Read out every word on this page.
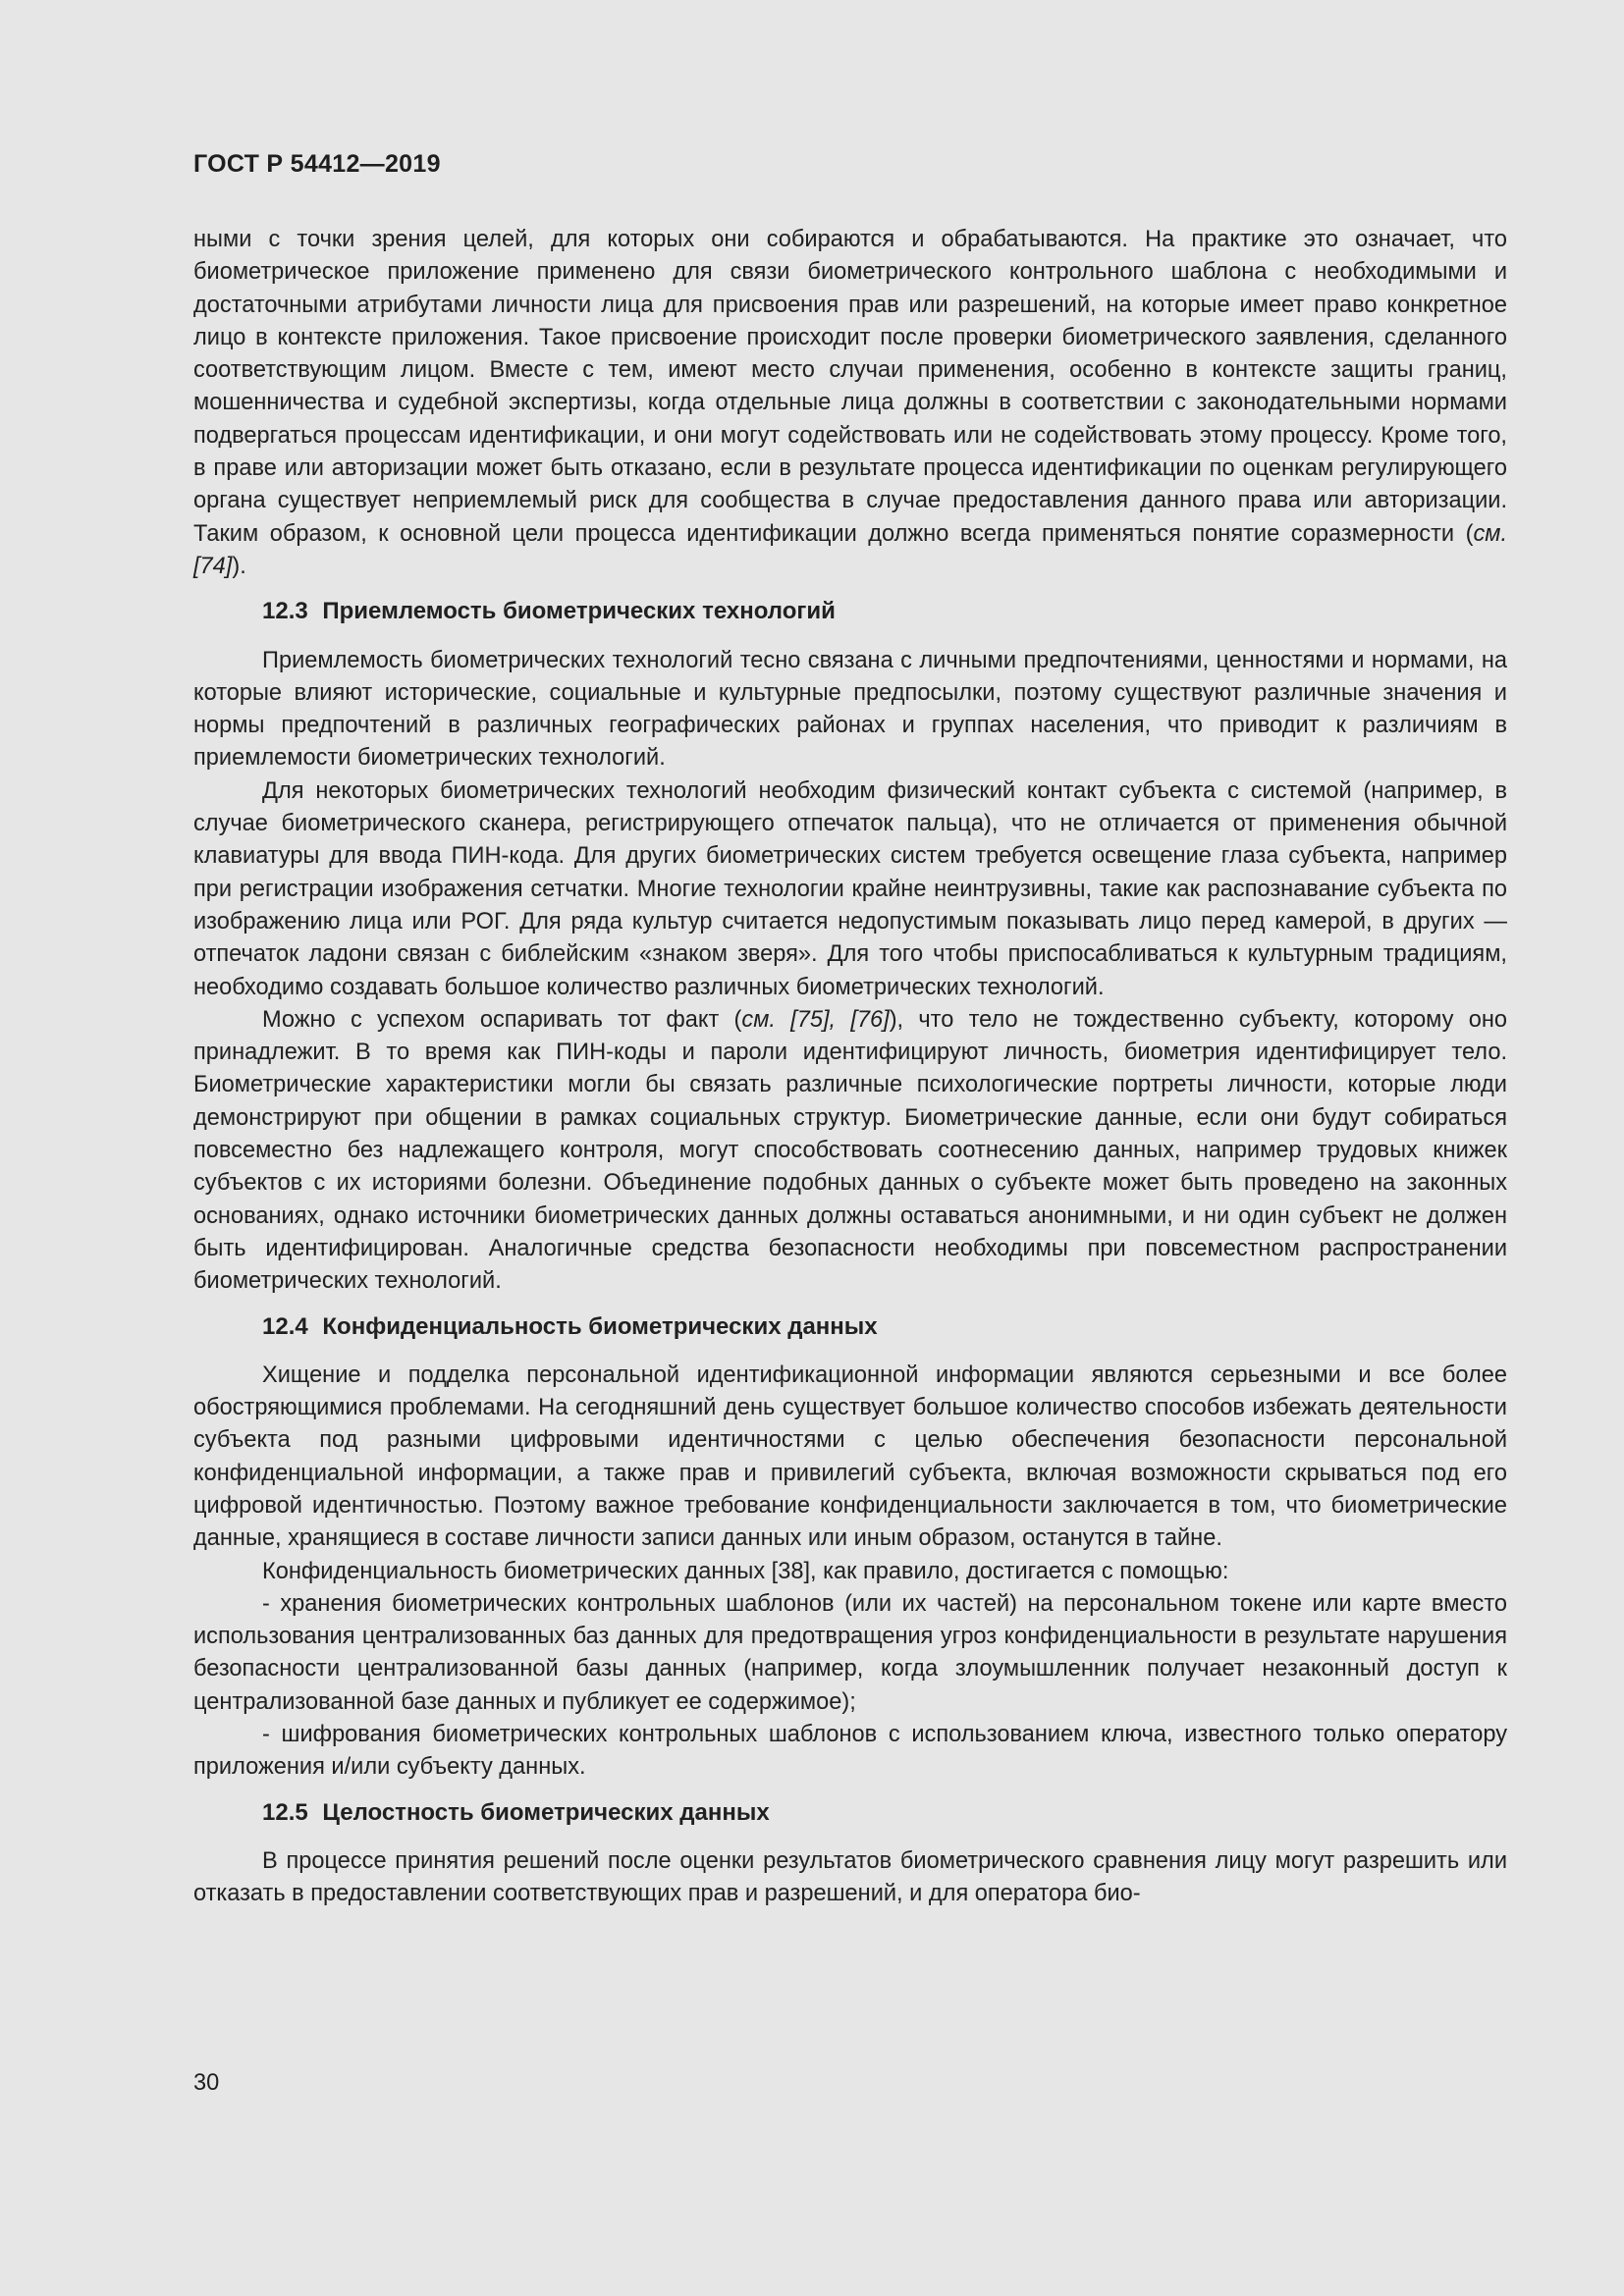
ГОСТ Р 54412—2019

ными с точки зрения целей, для которых они собираются и обрабатываются. На практике это означает, что биометрическое приложение применено для связи биометрического контрольного шаблона с необходимыми и достаточными атрибутами личности лица для присвоения прав или разрешений, на которые имеет право конкретное лицо в контексте приложения. Такое присвоение происходит после проверки биометрического заявления, сделанного соответствующим лицом. Вместе с тем, имеют место случаи применения, особенно в контексте защиты границ, мошенничества и судебной экспертизы, когда отдельные лица должны в соответствии с законодательными нормами подвергаться процессам идентификации, и они могут содействовать или не содействовать этому процессу. Кроме того, в праве или авторизации может быть отказано, если в результате процесса идентификации по оценкам регулирующего органа существует неприемлемый риск для сообщества в случае предоставления данного права или авторизации. Таким образом, к основной цели процесса идентификации должно всегда применяться понятие соразмерности (см. [74]).

12.3 Приемлемость биометрических технологий

Приемлемость биометрических технологий тесно связана с личными предпочтениями, ценностями и нормами, на которые влияют исторические, социальные и культурные предпосылки, поэтому существуют различные значения и нормы предпочтений в различных географических районах и группах населения, что приводит к различиям в приемлемости биометрических технологий.

Для некоторых биометрических технологий необходим физический контакт субъекта с системой (например, в случае биометрического сканера, регистрирующего отпечаток пальца), что не отличается от применения обычной клавиатуры для ввода ПИН-кода. Для других биометрических систем требуется освещение глаза субъекта, например при регистрации изображения сетчатки. Многие технологии крайне неинтрузивны, такие как распознавание субъекта по изображению лица или РОГ. Для ряда культур считается недопустимым показывать лицо перед камерой, в других — отпечаток ладони связан с библейским «знаком зверя». Для того чтобы приспосабливаться к культурным традициям, необходимо создавать большое количество различных биометрических технологий.

Можно с успехом оспаривать тот факт (см. [75], [76]), что тело не тождественно субъекту, которому оно принадлежит. В то время как ПИН-коды и пароли идентифицируют личность, биометрия идентифицирует тело. Биометрические характеристики могли бы связать различные психологические портреты личности, которые люди демонстрируют при общении в рамках социальных структур. Биометрические данные, если они будут собираться повсеместно без надлежащего контроля, могут способствовать соотнесению данных, например трудовых книжек субъектов с их историями болезни. Объединение подобных данных о субъекте может быть проведено на законных основаниях, однако источники биометрических данных должны оставаться анонимными, и ни один субъект не должен быть идентифицирован. Аналогичные средства безопасности необходимы при повсеместном распространении биометрических технологий.

12.4 Конфиденциальность биометрических данных

Хищение и подделка персональной идентификационной информации являются серьезными и все более обостряющимися проблемами. На сегодняшний день существует большое количество способов избежать деятельности субъекта под разными цифровыми идентичностями с целью обеспечения безопасности персональной конфиденциальной информации, а также прав и привилегий субъекта, включая возможности скрываться под его цифровой идентичностью. Поэтому важное требование конфиденциальности заключается в том, что биометрические данные, хранящиеся в составе личности записи данных или иным образом, останутся в тайне.

Конфиденциальность биометрических данных [38], как правило, достигается с помощью:

- хранения биометрических контрольных шаблонов (или их частей) на персональном токене или карте вместо использования централизованных баз данных для предотвращения угроз конфиденциальности в результате нарушения безопасности централизованной базы данных (например, когда злоумышленник получает незаконный доступ к централизованной базе данных и публикует ее содержимое);

- шифрования биометрических контрольных шаблонов с использованием ключа, известного только оператору приложения и/или субъекту данных.

12.5 Целостность биометрических данных

В процессе принятия решений после оценки результатов биометрического сравнения лицу могут разрешить или отказать в предоставлении соответствующих прав и разрешений, и для оператора био-

30
